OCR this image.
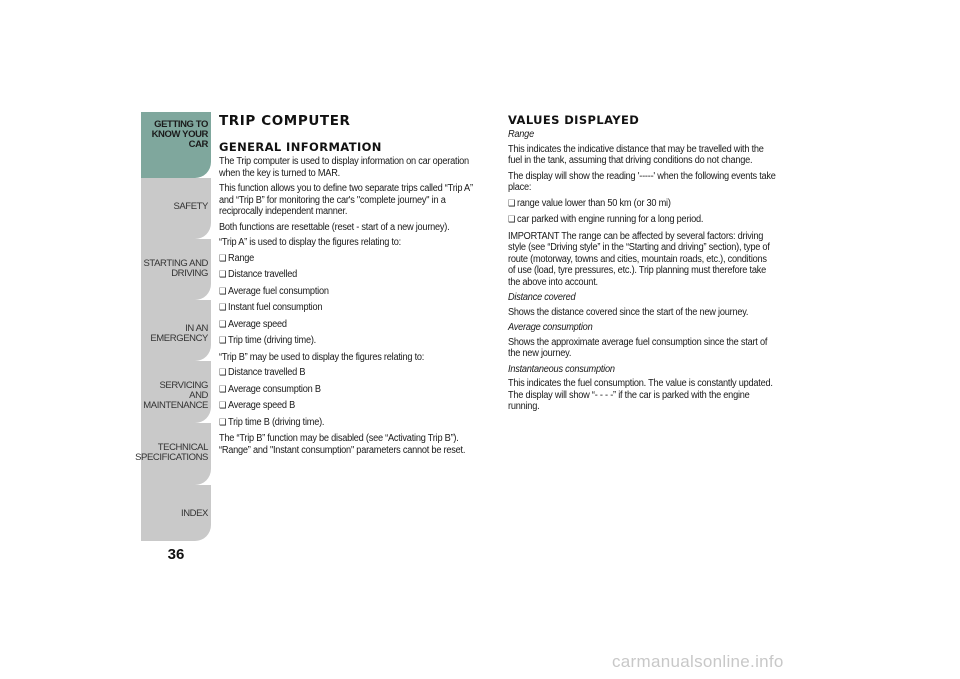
GETTING TO
KNOW YOUR CAR
SAFETY
STARTING AND
DRIVING
IN AN EMERGENCY
SERVICING AND
MAINTENANCE
TECHNICAL
SPECIFICATIONS
INDEX
36
TRIP COMPUTER
GENERAL INFORMATION

The Trip computer is used to display information on car operation when the key is turned to MAR.

This function allows you to define two separate trips called “Trip A” and “Trip B” for monitoring the car's "complete journey" in a reciprocally independent manner.

Both functions are resettable (reset - start of a new journey).

“Trip A” is used to display the figures relating to:

❑ Range

❑ Distance travelled

❑ Average fuel consumption

❑ Instant fuel consumption

❑ Average speed

❑ Trip time (driving time).

“Trip B” may be used to display the figures relating to:

❑ Distance travelled B

❑ Average consumption B

❑ Average speed B

❑ Trip time B (driving time).

The “Trip B” function may be disabled (see “Activating Trip B”). “Range” and "Instant consumption" parameters cannot be reset.

VALUES DISPLAYED

Range

This indicates the indicative distance that may be travelled with the fuel in the tank, assuming that driving conditions do not change.

The display will show the reading '-----' when the following events take place:

❑ range value lower than 50 km (or 30 mi)

❑ car parked with engine running for a long period.

IMPORTANT The range can be affected by several factors: driving style (see “Driving style” in the “Starting and driving” section), type of route (motorway, towns and cities, mountain roads, etc.), conditions of use (load, tyre pressures, etc.). Trip planning must therefore take the above into account.

Distance covered

Shows the distance covered since the start of the new journey.

Average consumption

Shows the approximate average fuel consumption since the start of the new journey.

Instantaneous consumption

This indicates the fuel consumption. The value is constantly updated. The display will show “- - - -” if the car is parked with the engine running.

carmanualsonline.info
